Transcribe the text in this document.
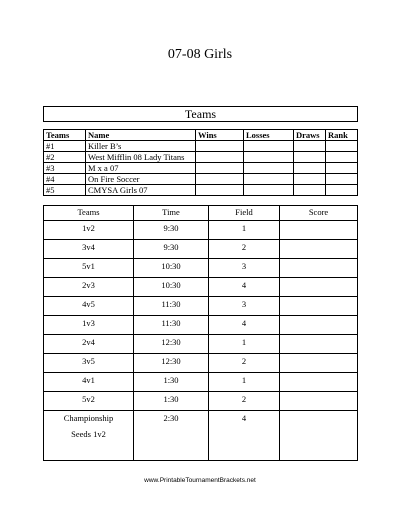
07-08 Girls
Teams
Teams	Name	Wins	Losses	Draws	Rank
#1	Killer B’s				
#2	West Mifflin 08 Lady Titans				
#3	M x a 07				
#4	On Fire Soccer				
#5	CMYSA Girls 07				
Teams	Time	Field	Score
1v2	9:30	1	
3v4	9:30	2	
5v1	10:30	3	
2v3	10:30	4	
4v5	11:30	3	
1v3	11:30	4	
2v4	12:30	1	
3v5	12:30	2	
4v1	1:30	1	
5v2	1:30	2	

Championship
Seeds 1v2	2:30	4	
www.PrintableTournamentBrackets.net
